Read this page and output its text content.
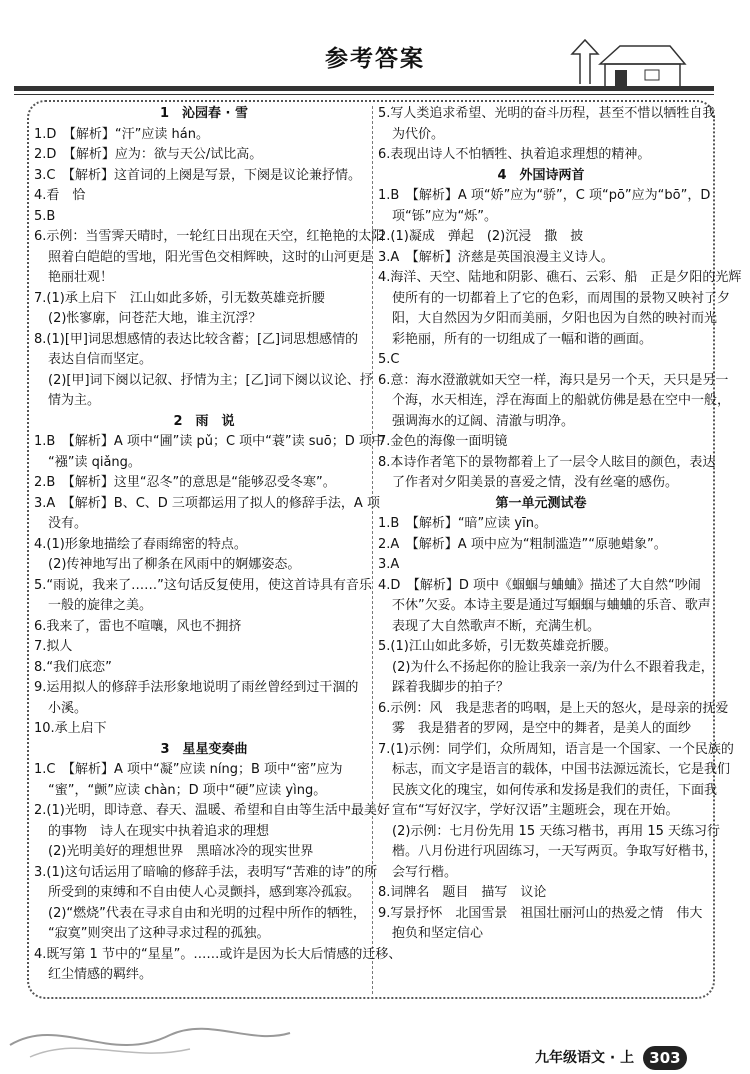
参考答案
1　沁园春 · 雪
1.D　【解析】“汗”应读 hán。
2.D　【解析】应为：欲与天公/试比高。
3.C　【解析】这首词的上阕是写景，下阕是议论兼抒情。
4.看　恰
5.B
6.示例：当雪霁天晴时，一轮红日出现在天空，红艳艳的太阳
照着白皑皑的雪地，阳光雪色交相辉映，这时的山河更是
艳丽壮观！
7.(1)承上启下　江山如此多娇，引无数英雄竞折腰
(2)怅寥廓，问苍茫大地，谁主沉浮？
8.(1)[甲]词思想感情的表达比较含蓄；[乙]词思想感情的
表达自信而坚定。
(2)[甲]词下阕以记叙、抒情为主；[乙]词下阕以议论、抒
情为主。
2　雨　说
1.B　【解析】A 项中“圃”读 pǔ；C 项中“蓑”读 suō；D 项中
“襁”读 qiǎng。
2.B　【解析】这里“忍冬”的意思是“能够忍受冬寒”。
3.A　【解析】B、C、D 三项都运用了拟人的修辞手法，A 项
没有。
4.(1)形象地描绘了春雨绵密的特点。
(2)传神地写出了柳条在风雨中的婀娜姿态。
5.“雨说，我来了……”这句话反复使用，使这首诗具有音乐
一般的旋律之美。
6.我来了，雷也不喧嚷，风也不拥挤
7.拟人
8.“我们底恋”
9.运用拟人的修辞手法形象地说明了雨丝曾经到过干涸的
小溪。
10.承上启下
3　星星变奏曲
1.C　【解析】A 项中“凝”应读 níng；B 项中“密”应为
“蜜”，“颤”应读 chàn；D 项中“硬”应读 yìng。
2.(1)光明，即诗意、春天、温暖、希望和自由等生活中最美好
的事物　诗人在现实中执着追求的理想
(2)光明美好的理想世界　黑暗冰冷的现实世界
3.(1)这句话运用了暗喻的修辞手法，表明写“苦难的诗”的所
所受到的束缚和不自由使人心灵颤抖，感到寒冷孤寂。
(2)“燃烧”代表在寻求自由和光明的过程中所作的牺牲，
“寂寞”则突出了这种寻求过程的孤独。
4.既写第 1 节中的“星星”。……或许是因为长大后情感的迁移、
红尘情感的羁绊。
5.写人类追求希望、光明的奋斗历程，甚至不惜以牺牲自我
为代价。
6.表现出诗人不怕牺牲、执着追求理想的精神。
4　外国诗两首
1.B　【解析】A 项“娇”应为“骄”，C 项“pō”应为“bō”，D
项“铄”应为“烁”。
2.(1)凝成　弹起　(2)沉浸　撒　披
3.A　【解析】济慈是英国浪漫主义诗人。
4.海洋、天空、陆地和阴影、礁石、云彩、船　正是夕阳的光辉
使所有的一切都着上了它的色彩，而周围的景物又映衬了夕
阳，大自然因为夕阳而美丽，夕阳也因为自然的映衬而光
彩艳丽，所有的一切组成了一幅和谐的画面。
5.C
6.意：海水澄澈就如天空一样，海只是另一个天，天只是另一
个海，水天相连，浮在海面上的船就仿佛是悬在空中一般，
强调海水的辽阔、清澈与明净。
7.金色的海像一面明镜
8.本诗作者笔下的景物都着上了一层令人眩目的颜色，表达
了作者对夕阳美景的喜爱之情，没有丝毫的感伤。
第一单元测试卷
1.B　【解析】“暗”应读 yīn。
2.A　【解析】A 项中应为“粗制滥造”“原驰蜡象”。
3.A
4.D　【解析】D 项中《蝈蝈与蛐蛐》描述了大自然“吵闹
不休”欠妥。本诗主要是通过写蝈蝈与蛐蛐的乐音、歌声
表现了大自然歌声不断，充满生机。
5.(1)江山如此多娇，引无数英雄竞折腰。
(2)为什么不扬起你的脸让我亲一亲/为什么不跟着我走，
踩着我脚步的拍子？
6.示例：风　我是悲者的呜咽，是上天的怒火，是母亲的抚爱
雾　我是猎者的罗网，是空中的舞者，是美人的面纱
7.(1)示例：同学们，众所周知，语言是一个国家、一个民族的
标志，而文字是语言的载体，中国书法源远流长，它是我们
民族文化的瑰宝，如何传承和发扬是我们的责任，下面我
宣布“写好汉字，学好汉语”主题班会，现在开始。
(2)示例：七月份先用 15 天练习楷书，再用 15 天练习行
楷。八月份进行巩固练习，一天写两页。争取写好楷书，
会写行楷。
8.词牌名　题目　描写　议论
9.写景抒怀　北国雪景　祖国壮丽河山的热爱之情　伟大
抱负和坚定信心
九年级语文 · 上 303
